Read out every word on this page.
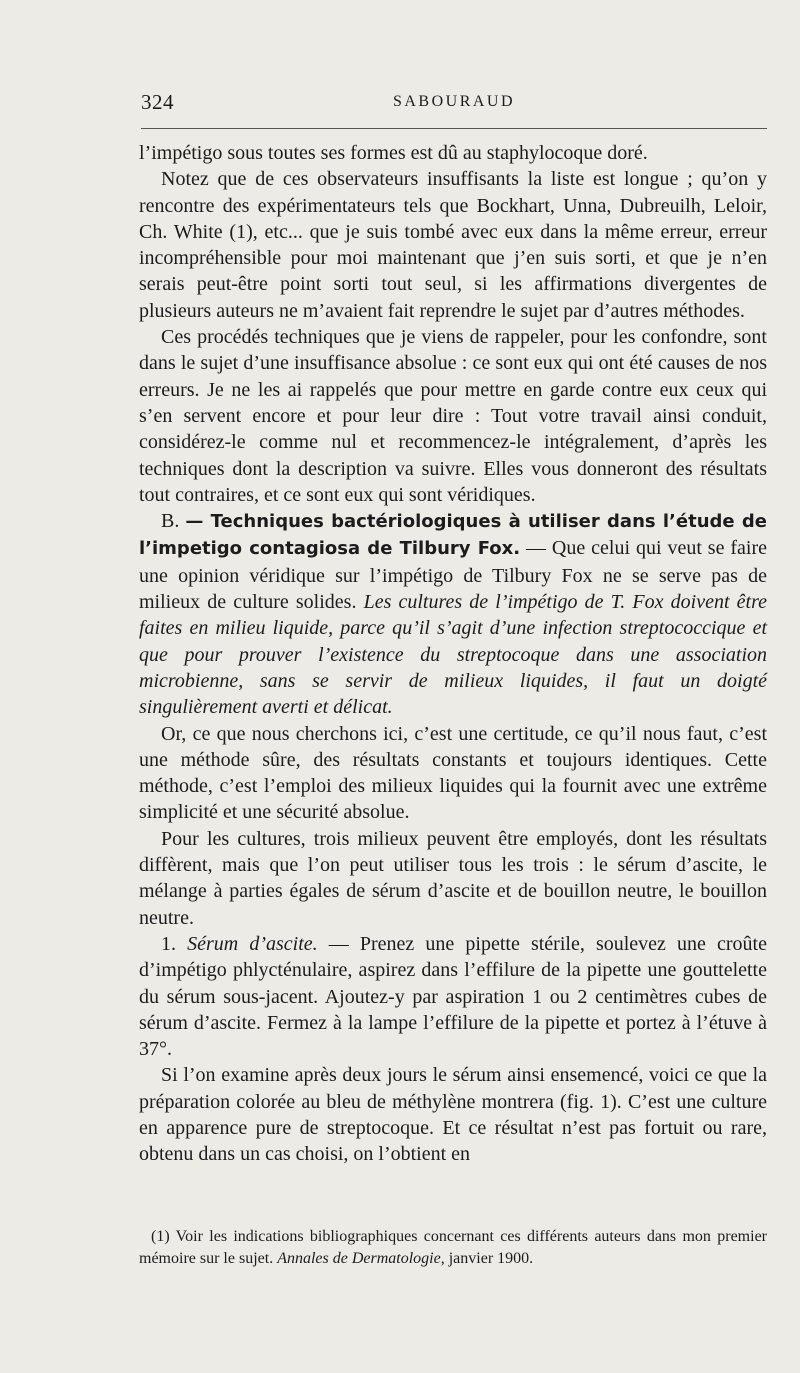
324	SABOURAUD

l’impétigo sous toutes ses formes est dû au staphylocoque doré.

Notez que de ces observateurs insuffisants la liste est longue ; qu’on y rencontre des expérimentateurs tels que Bockhart, Unna, Dubreuilh, Leloir, Ch. White (1), etc... que je suis tombé avec eux dans la même erreur, erreur incompréhensible pour moi maintenant que j’en suis sorti, et que je n’en serais peut-être point sorti tout seul, si les affirmations divergentes de plusieurs auteurs ne m’avaient fait reprendre le sujet par d’autres méthodes.

Ces procédés techniques que je viens de rappeler, pour les confondre, sont dans le sujet d’une insuffisance absolue : ce sont eux qui ont été causes de nos erreurs. Je ne les ai rappelés que pour mettre en garde contre eux ceux qui s’en servent encore et pour leur dire : Tout votre travail ainsi conduit, considérez-le comme nul et recommencez-le intégralement, d’après les techniques dont la description va suivre. Elles vous donneront des résultats tout contraires, et ce sont eux qui sont véridiques.

B. — Techniques bactériologiques à utiliser dans l’étude de l’impetigo contagiosa de Tilbury Fox. — Que celui qui veut se faire une opinion véridique sur l’impétigo de Tilbury Fox ne se serve pas de milieux de culture solides. Les cultures de l’impétigo de T. Fox doivent être faites en milieu liquide, parce qu’il s’agit d’une infection streptococcique et que pour prouver l’existence du streptocoque dans une association microbienne, sans se servir de milieux liquides, il faut un doigté singulièrement averti et délicat.

Or, ce que nous cherchons ici, c’est une certitude, ce qu’il nous faut, c’est une méthode sûre, des résultats constants et toujours identiques. Cette méthode, c’est l’emploi des milieux liquides qui la fournit avec une extrême simplicité et une sécurité absolue.

Pour les cultures, trois milieux peuvent être employés, dont les résultats diffèrent, mais que l’on peut utiliser tous les trois : le sérum d’ascite, le mélange à parties égales de sérum d’ascite et de bouillon neutre, le bouillon neutre.

1. Sérum d’ascite. — Prenez une pipette stérile, soulevez une croûte d’impétigo phlycténulaire, aspirez dans l’effilure de la pipette une gouttelette du sérum sous-jacent. Ajoutez-y par aspiration 1 ou 2 centimètres cubes de sérum d’ascite. Fermez à la lampe l’effilure de la pipette et portez à l’étuve à 37°.

Si l’on examine après deux jours le sérum ainsi ensemencé, voici ce que la préparation colorée au bleu de méthylène montrera (fig. 1). C’est une culture en apparence pure de streptocoque. Et ce résultat n’est pas fortuit ou rare, obtenu dans un cas choisi, on l’obtient en

(1) Voir les indications bibliographiques concernant ces différents auteurs dans mon premier mémoire sur le sujet. Annales de Dermatologie, janvier 1900.
